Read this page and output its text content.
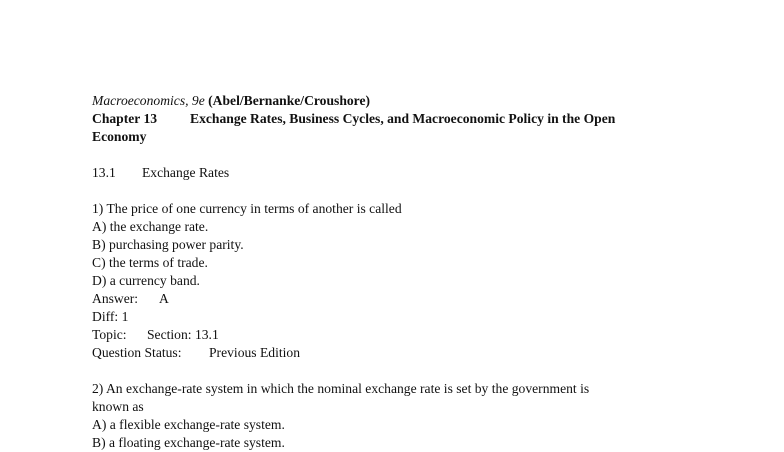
Macroeconomics, 9e (Abel/Bernanke/Croushore)
Chapter 13 Exchange Rates, Business Cycles, and Macroeconomic Policy in the Open
Economy
13.1 Exchange Rates
1) The price of one currency in terms of another is called
A) the exchange rate.
B) purchasing power parity.
C) the terms of trade.
D) a currency band.
Answer: A
Diff: 1
Topic: Section: 13.1
Question Status: Previous Edition
2) An exchange-rate system in which the nominal exchange rate is set by the government is
known as
A) a flexible exchange-rate system.
B) a floating exchange-rate system.
